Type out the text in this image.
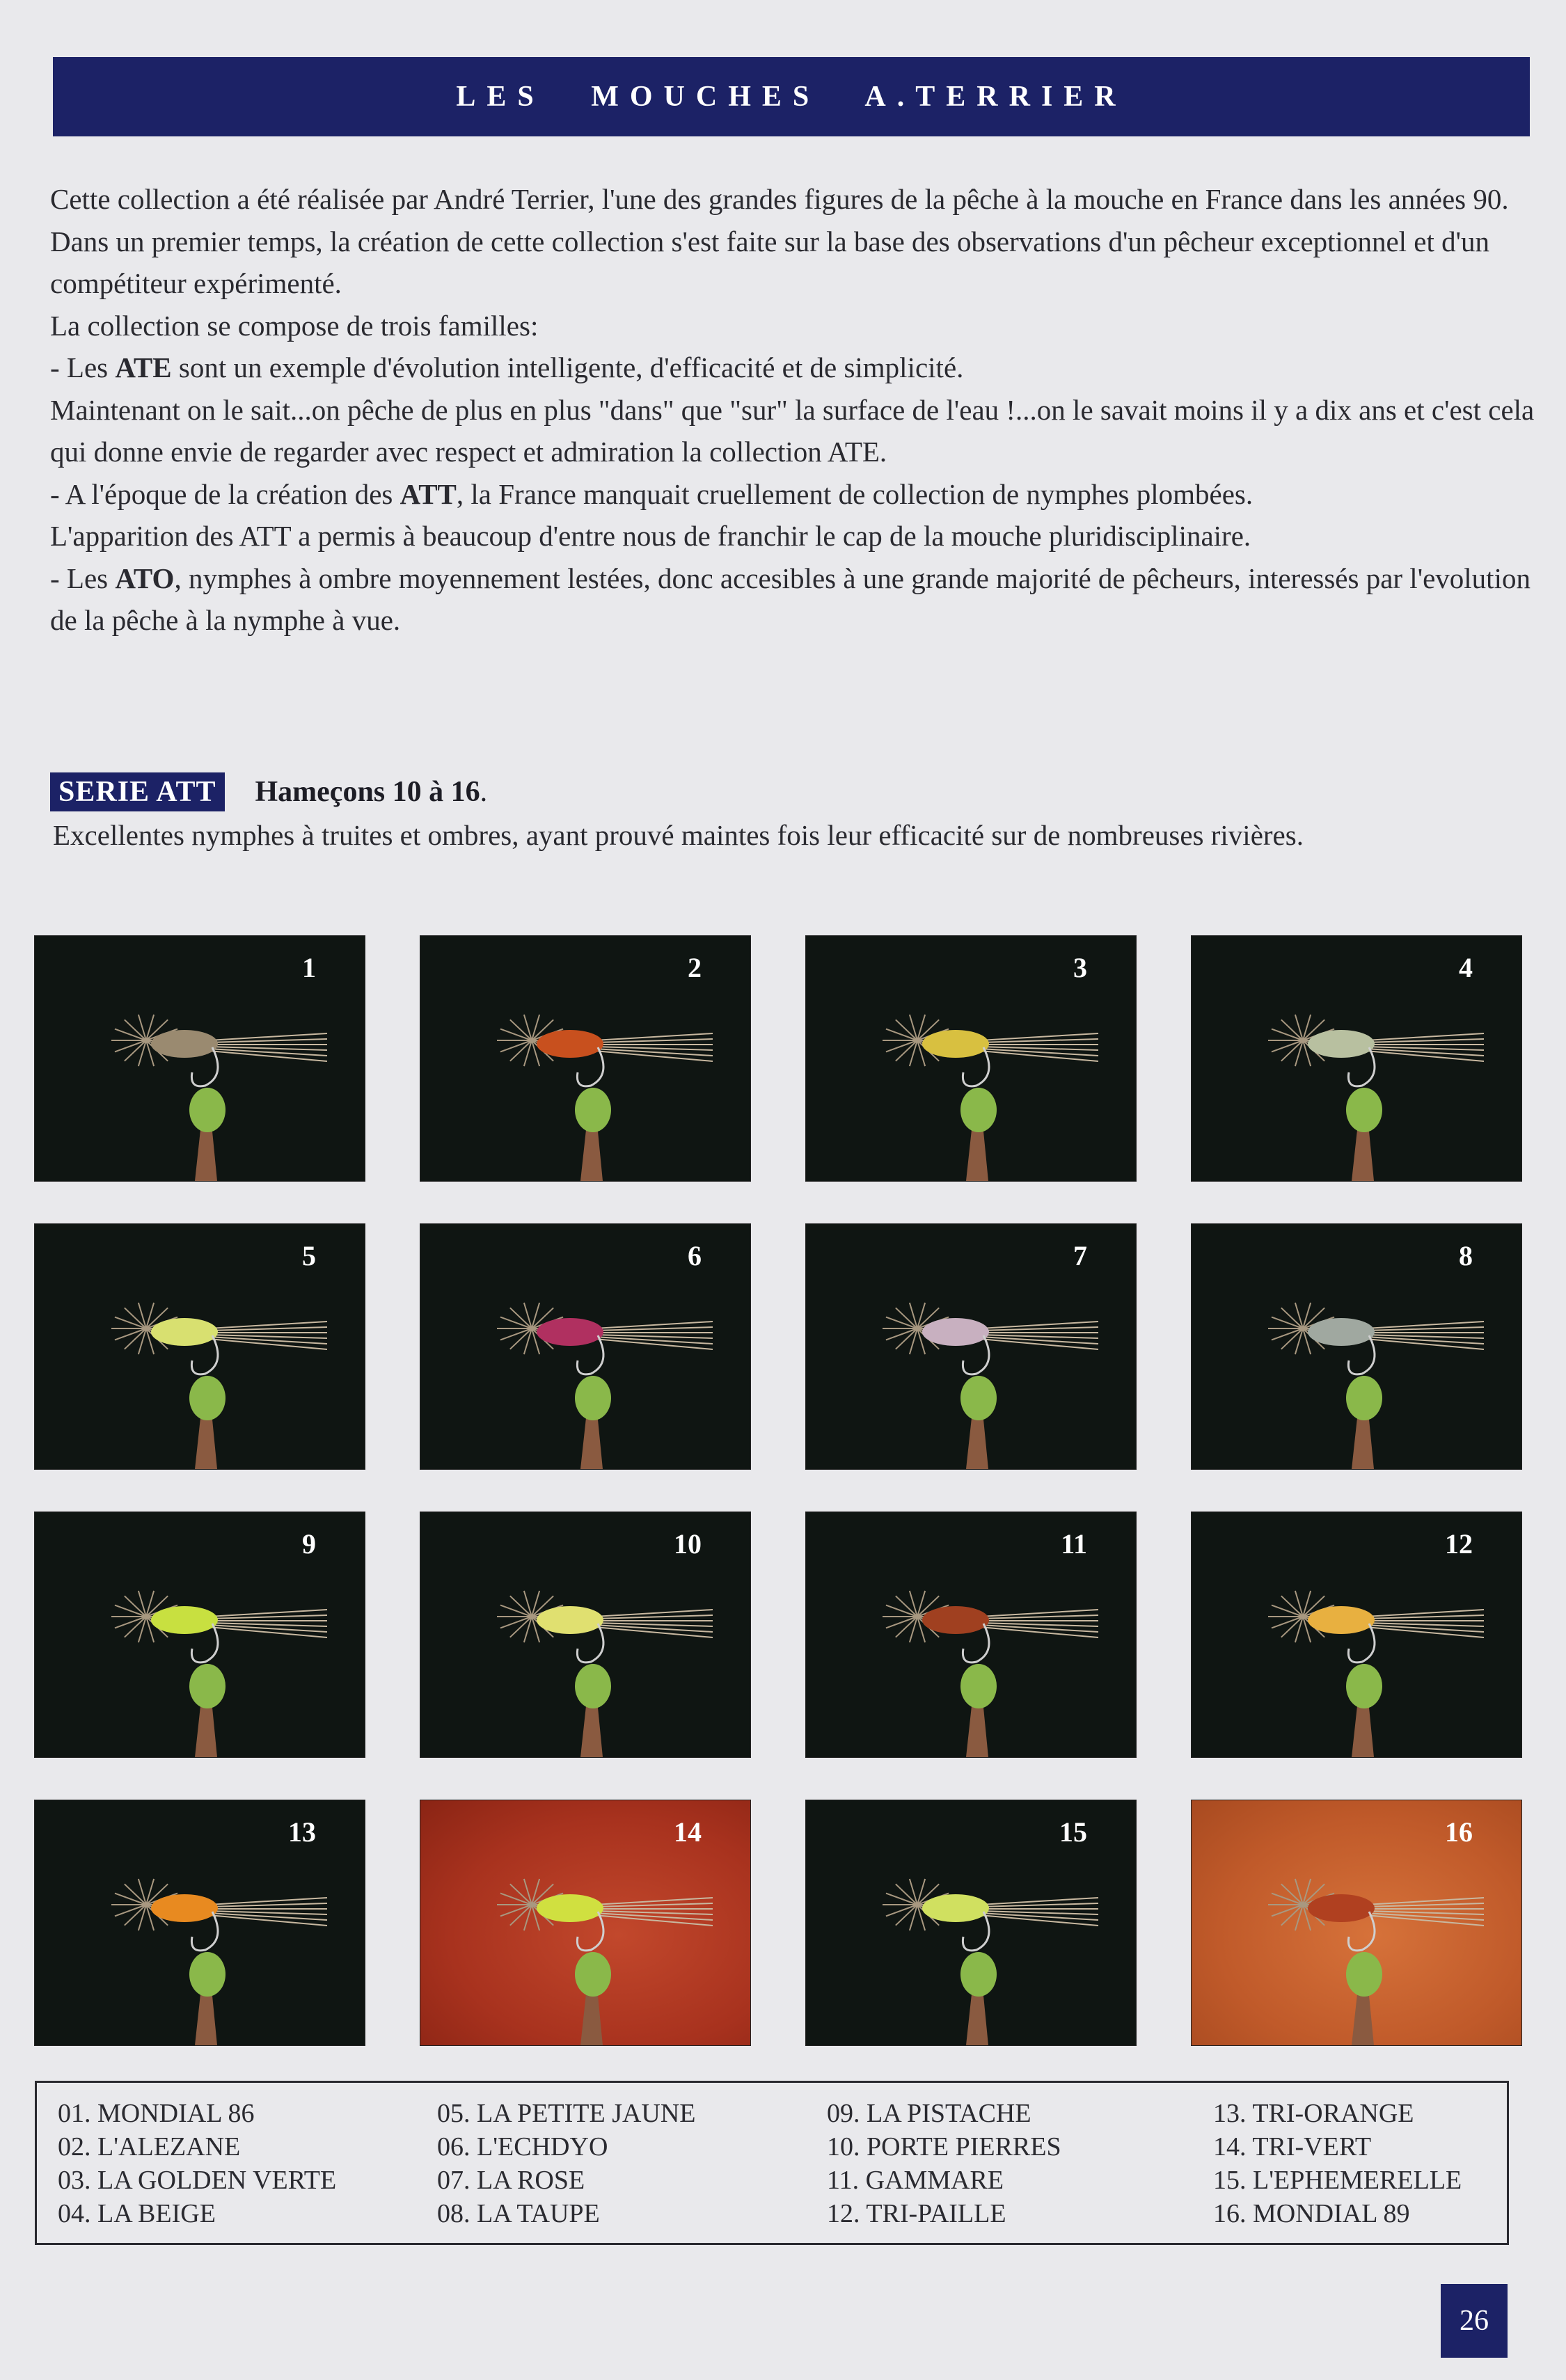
LES MOUCHES A.TERRIER

Cette collection a été réalisée par André Terrier, l'une des grandes figures de la pêche à la mouche en France dans les années 90.

Dans un premier temps, la création de cette collection s'est faite sur la base des observations d'un pêcheur exceptionnel et d'un compétiteur expérimenté.

La collection se compose de trois familles:

- Les ATE sont un exemple d'évolution intelligente, d'efficacité et de simplicité.

Maintenant on le sait...on pêche de plus en plus "dans" que "sur" la surface de l'eau !...on le savait moins il y a dix ans et c'est cela qui donne envie de regarder avec respect et admiration la collection ATE.

- A l'époque de la création des ATT, la France manquait cruellement de collection de nymphes plombées.

L'apparition des ATT a permis à beaucoup d'entre nous de franchir le cap de la mouche pluridisciplinaire.

- Les ATO, nymphes à ombre moyennement lestées, donc accesibles à une grande majorité de pêcheurs, interessés par l'evolution de la pêche à la nymphe à vue.

SERIE ATT Hameçons 10 à 16.
Excellentes nymphes à truites et ombres, ayant prouvé maintes fois leur efficacité sur de nombreuses rivières.
1	2	3	4
5	6	7	8
9	10	11	12
13	14	15	16
01. MONDIAL 86
02. L'ALEZANE
03. LA GOLDEN VERTE
04. LA BEIGE
05. LA PETITE JAUNE
06. L'ECHDYO
07. LA ROSE
08. LA TAUPE
09. LA PISTACHE
10. PORTE PIERRES
11. GAMMARE
12. TRI-PAILLE
13. TRI-ORANGE
14. TRI-VERT
15. L'EPHEMERELLE
16. MONDIAL 89
26
